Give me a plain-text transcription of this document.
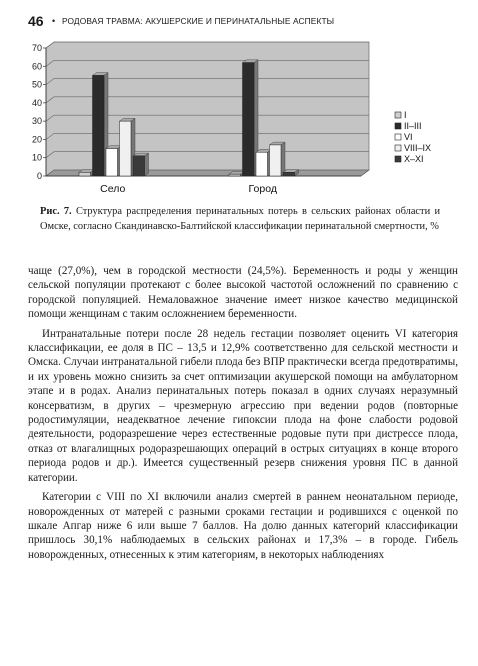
46 • РОДОВАЯ ТРАВМА: АКУШЕРСКИЕ И ПЕРИНАТАЛЬНЫЕ АСПЕКТЫ
0
10
20
30
40
50
60
70
Село	Город
I
II–III
VI
VIII–IX
X–XI
Рис. 7. Структура распределения перинатальных потерь в сельских районах области и Омске, согласно Скандинавско-Балтийской классификации перинатальной смертности, %

чаще (27,0%), чем в городской местности (24,5%). Беременность и роды у женщин сельской популяции протекают с более высокой частотой осложнений по сравнению с городской популяцией. Немаловажное значение имеет низкое качество медицинской помощи женщинам с таким осложнением беременности.

Интранатальные потери после 28 недель гестации позволяет оценить VI категория классификации, ее доля в ПС – 13,5 и 12,9% соответственно для сельской местности и Омска. Случаи интранатальной гибели плода без ВПР практически всегда предотвратимы, и их уровень можно снизить за счет оптимизации акушерской помощи на амбулаторном этапе и в родах. Анализ перинатальных потерь показал в одних случаях неразумный консерватизм, в других – чрезмерную агрессию при ведении родов (повторные родостимуляции, неадекватное лечение гипоксии плода на фоне слабости родовой деятельности, родоразрешение через естественные родовые пути при дистрессе плода, отказ от влагалищных родоразрешающих операций в острых ситуациях в конце второго периода родов и др.). Имеется существенный резерв снижения уровня ПС в данной категории.

Категории с VIII по XI включили анализ смертей в раннем неонатальном периоде, новорожденных от матерей с разными сроками гестации и родившихся с оценкой по шкале Апгар ниже 6 или выше 7 баллов. На долю данных категорий классификации пришлось 30,1% наблюдаемых в сельских районах и 17,3% – в городе. Гибель новорожденных, отнесенных к этим категориям, в некоторых наблюдениях
